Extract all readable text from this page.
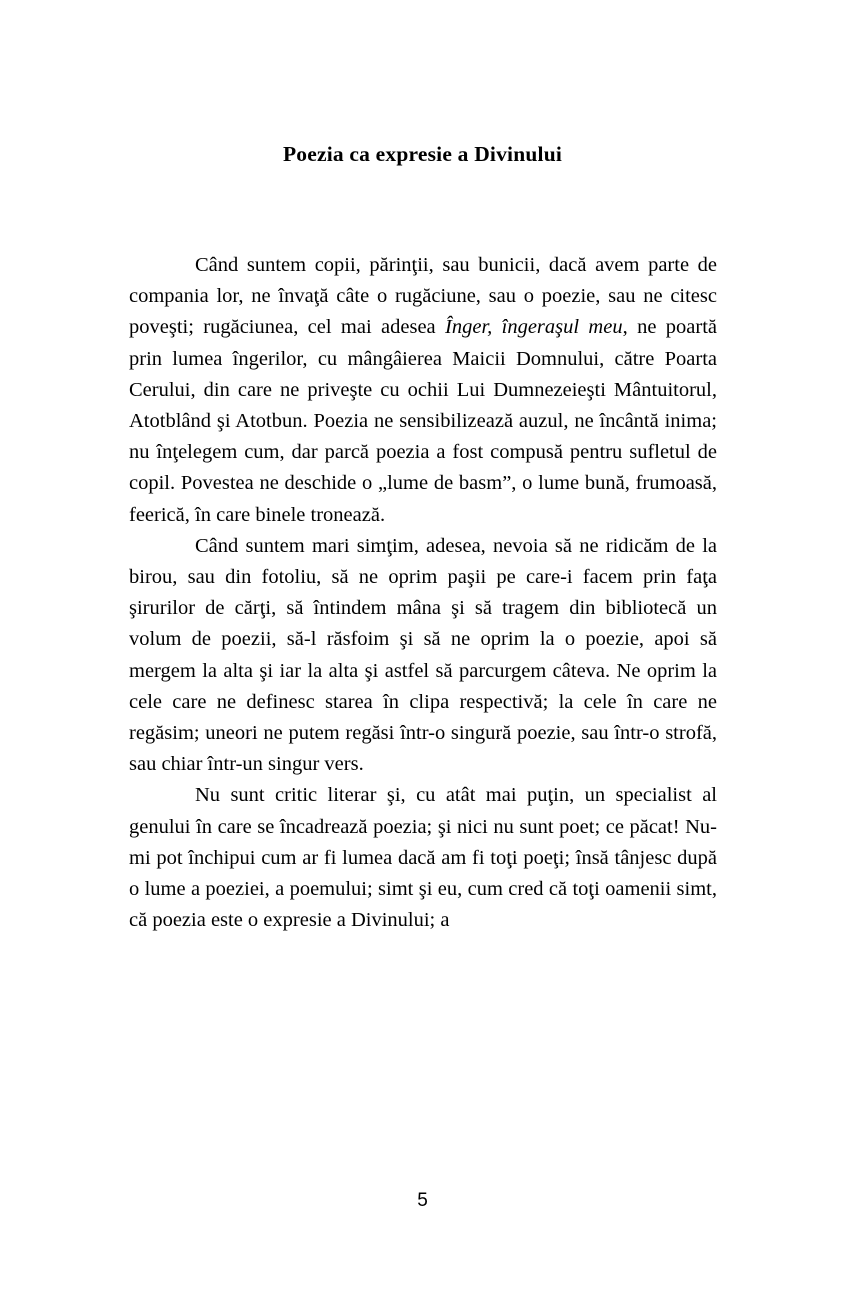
Poezia ca expresie a Divinului

Când suntem copii, părinţii, sau bunicii, dacă avem parte de compania lor, ne învaţă câte o rugăciune, sau o poezie, sau ne citesc poveşti; rugăciunea, cel mai adesea Înger, îngeraşul meu, ne poartă prin lumea îngerilor, cu mângâierea Maicii Domnului, către Poarta Cerului, din care ne priveşte cu ochii Lui Dumnezeieşti Mântuitorul, Atotblând şi Atotbun. Poezia ne sensibilizează auzul, ne încântă inima; nu înţelegem cum, dar parcă poezia a fost compusă pentru sufletul de copil. Povestea ne deschide o „lume de basm”, o lume bună, frumoasă, feerică, în care binele tronează.

Când suntem mari simţim, adesea, nevoia să ne ridicăm de la birou, sau din fotoliu, să ne oprim paşii pe care-i facem prin faţa şirurilor de cărţi, să întindem mâna şi să tragem din bibliotecă un volum de poezii, să-l răsfoim şi să ne oprim la o poezie, apoi să mergem la alta şi iar la alta şi astfel să parcurgem câteva. Ne oprim la cele care ne definesc starea în clipa respectivă; la cele în care ne regăsim; uneori ne putem regăsi într-o singură poezie, sau într-o strofă, sau chiar într-un singur vers.

Nu sunt critic literar şi, cu atât mai puţin, un specialist al genului în care se încadrează poezia; şi nici nu sunt poet; ce păcat! Nu-mi pot închipui cum ar fi lumea dacă am fi toţi poeţi; însă tânjesc după o lume a poeziei, a poemului; simt şi eu, cum cred că toţi oamenii simt, că poezia este o expresie a Divinului; a

5
